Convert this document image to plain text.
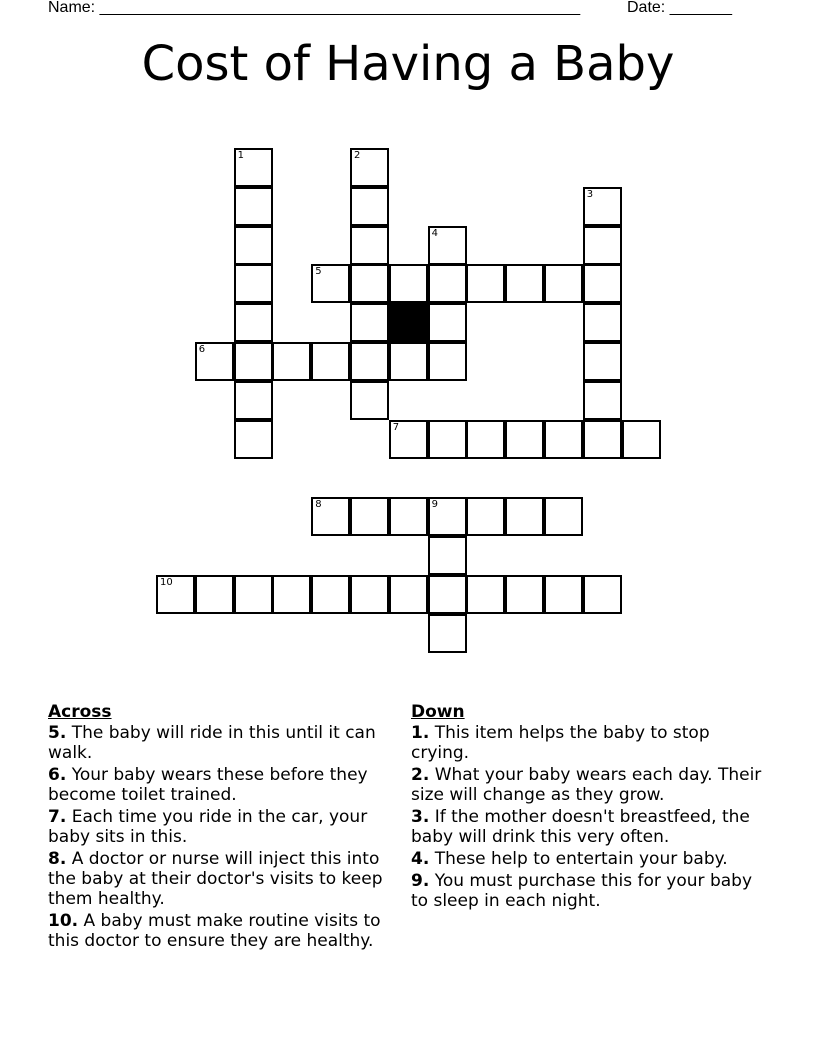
Name: ______________________________________________________	Date: _______
Cost of Having a Baby
1	2
3
4
5
6
7
8	9
10
Across
5. The baby will ride in this until it can walk.
6. Your baby wears these before they become toilet trained.
7. Each time you ride in the car, your baby sits in this.
8. A doctor or nurse will inject this into the baby at their doctor's visits to keep them healthy.
10. A baby must make routine visits to this doctor to ensure they are healthy.
Down
1. This item helps the baby to stop crying.
2. What your baby wears each day. Their size will change as they grow.
3. If the mother doesn't breastfeed, the baby will drink this very often.
4. These help to entertain your baby.
9. You must purchase this for your baby to sleep in each night.
